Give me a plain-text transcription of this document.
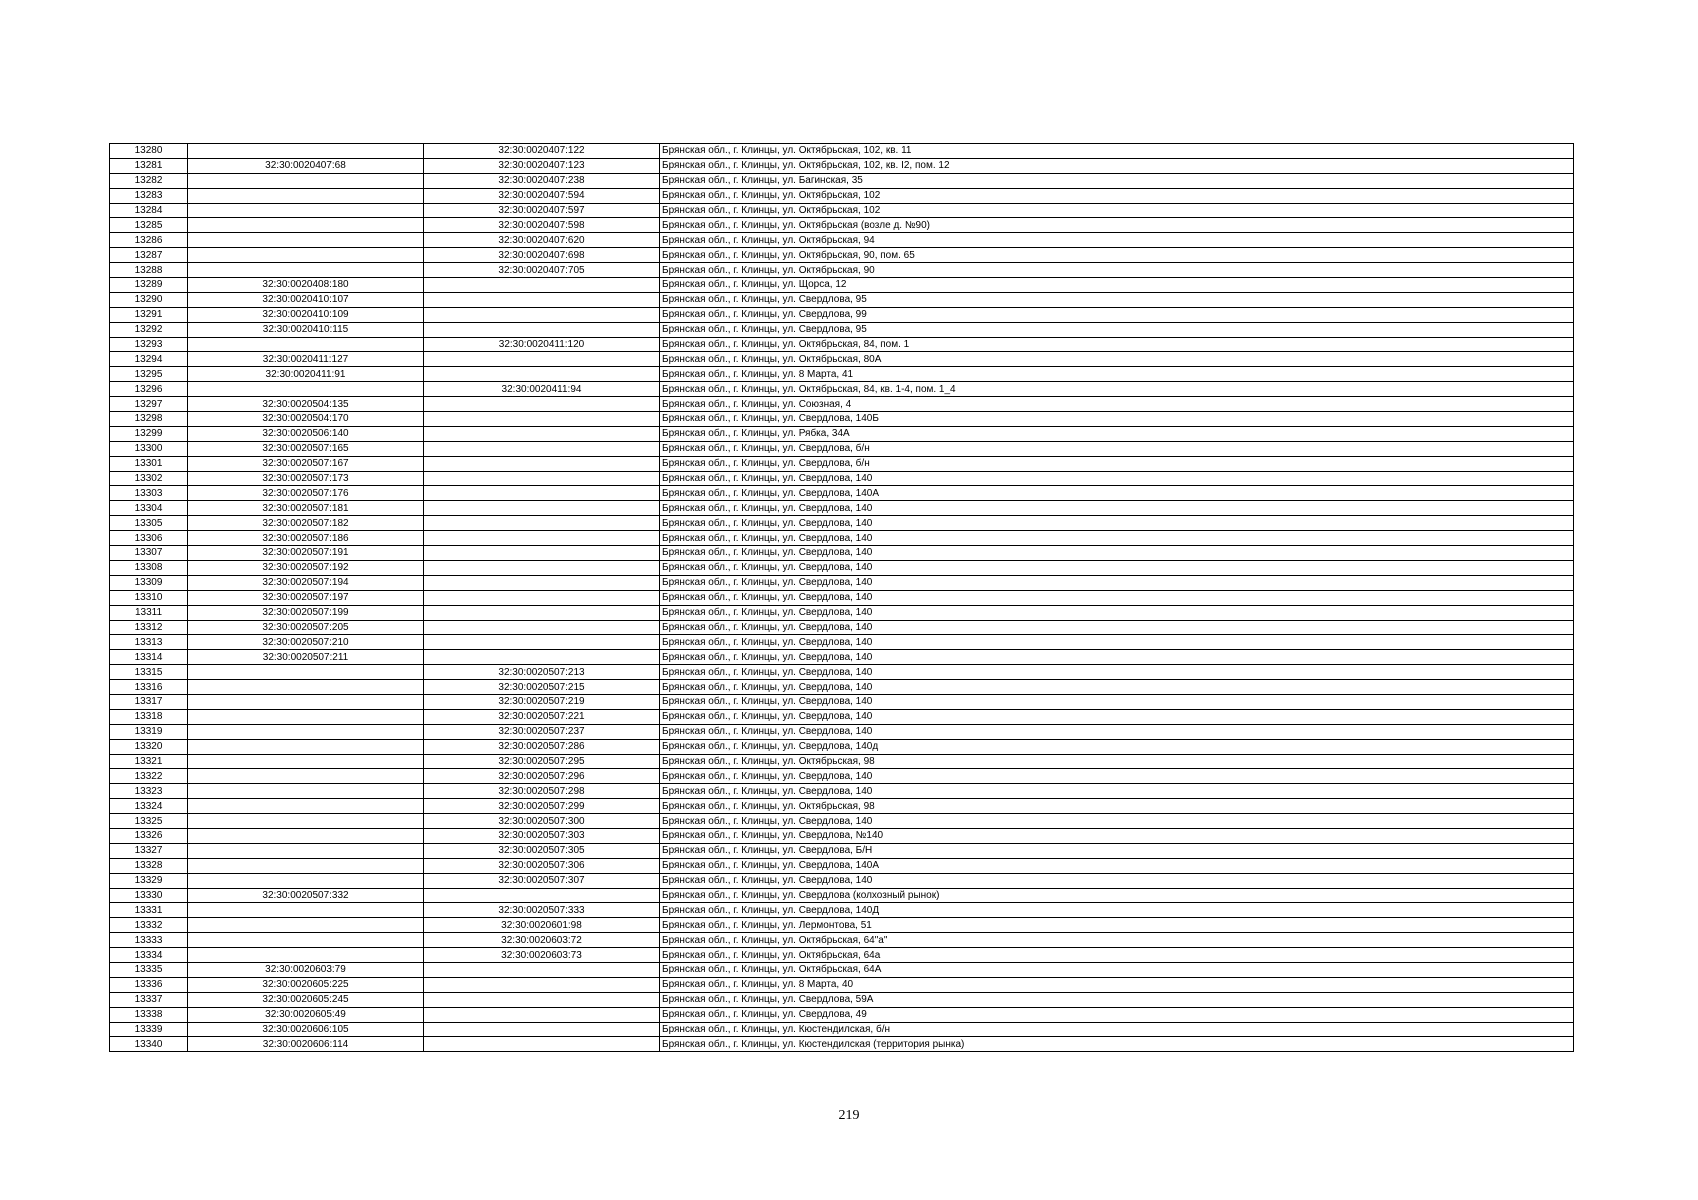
13280		32:30:0020407:122	Брянская обл., г. Клинцы, ул. Октябрьская, 102, кв. 11
13281	32:30:0020407:68	32:30:0020407:123	Брянская обл., г. Клинцы, ул. Октябрьская, 102, кв. I2, пом. 12
13282		32:30:0020407:238	Брянская обл., г. Клинцы, ул. Багинская, 35
13283		32:30:0020407:594	Брянская обл., г. Клинцы, ул. Октябрьская, 102
13284		32:30:0020407:597	Брянская обл., г. Клинцы, ул. Октябрьская, 102
13285		32:30:0020407:598	Брянская обл., г. Клинцы, ул. Октябрьская (возле д. №90)
13286		32:30:0020407:620	Брянская обл., г. Клинцы, ул. Октябрьская, 94
13287		32:30:0020407:698	Брянская обл., г. Клинцы, ул. Октябрьская, 90, пом. 65
13288		32:30:0020407:705	Брянская обл., г. Клинцы, ул. Октябрьская, 90
13289	32:30:0020408:180		Брянская обл., г. Клинцы, ул. Щорса, 12
13290	32:30:0020410:107		Брянская обл., г. Клинцы, ул. Свердлова, 95
13291	32:30:0020410:109		Брянская обл., г. Клинцы, ул. Свердлова, 99
13292	32:30:0020410:115		Брянская обл., г. Клинцы, ул. Свердлова, 95
13293		32:30:0020411:120	Брянская обл., г. Клинцы, ул. Октябрьская, 84, пом. 1
13294	32:30:0020411:127		Брянская обл., г. Клинцы, ул. Октябрьская, 80А
13295	32:30:0020411:91		Брянская обл., г. Клинцы, ул. 8 Марта, 41
13296		32:30:0020411:94	Брянская обл., г. Клинцы, ул. Октябрьская, 84, кв. 1-4, пом. 1_4
13297	32:30:0020504:135		Брянская обл., г. Клинцы, ул. Союзная, 4
13298	32:30:0020504:170		Брянская обл., г. Клинцы, ул. Свердлова, 140Б
13299	32:30:0020506:140		Брянская обл., г. Клинцы, ул. Рябка, 34А
13300	32:30:0020507:165		Брянская обл., г. Клинцы, ул. Свердлова, б/н
13301	32:30:0020507:167		Брянская обл., г. Клинцы, ул. Свердлова, б/н
13302	32:30:0020507:173		Брянская обл., г. Клинцы, ул. Свердлова, 140
13303	32:30:0020507:176		Брянская обл., г. Клинцы, ул. Свердлова, 140А
13304	32:30:0020507:181		Брянская обл., г. Клинцы, ул. Свердлова, 140
13305	32:30:0020507:182		Брянская обл., г. Клинцы, ул. Свердлова, 140
13306	32:30:0020507:186		Брянская обл., г. Клинцы, ул. Свердлова, 140
13307	32:30:0020507:191		Брянская обл., г. Клинцы, ул. Свердлова, 140
13308	32:30:0020507:192		Брянская обл., г. Клинцы, ул. Свердлова, 140
13309	32:30:0020507:194		Брянская обл., г. Клинцы, ул. Свердлова, 140
13310	32:30:0020507:197		Брянская обл., г. Клинцы, ул. Свердлова, 140
13311	32:30:0020507:199		Брянская обл., г. Клинцы, ул. Свердлова, 140
13312	32:30:0020507:205		Брянская обл., г. Клинцы, ул. Свердлова, 140
13313	32:30:0020507:210		Брянская обл., г. Клинцы, ул. Свердлова, 140
13314	32:30:0020507:211		Брянская обл., г. Клинцы, ул. Свердлова, 140
13315		32:30:0020507:213	Брянская обл., г. Клинцы, ул. Свердлова, 140
13316		32:30:0020507:215	Брянская обл., г. Клинцы, ул. Свердлова, 140
13317		32:30:0020507:219	Брянская обл., г. Клинцы, ул. Свердлова, 140
13318		32:30:0020507:221	Брянская обл., г. Клинцы, ул. Свердлова, 140
13319		32:30:0020507:237	Брянская обл., г. Клинцы, ул. Свердлова, 140
13320		32:30:0020507:286	Брянская обл., г. Клинцы, ул. Свердлова, 140д
13321		32:30:0020507:295	Брянская обл., г. Клинцы, ул. Октябрьская, 98
13322		32:30:0020507:296	Брянская обл., г. Клинцы, ул. Свердлова, 140
13323		32:30:0020507:298	Брянская обл., г. Клинцы, ул. Свердлова, 140
13324		32:30:0020507:299	Брянская обл., г. Клинцы, ул. Октябрьская, 98
13325		32:30:0020507:300	Брянская обл., г. Клинцы, ул. Свердлова, 140
13326		32:30:0020507:303	Брянская обл., г. Клинцы, ул. Свердлова, №140
13327		32:30:0020507:305	Брянская обл., г. Клинцы, ул. Свердлова, Б/Н
13328		32:30:0020507:306	Брянская обл., г. Клинцы, ул. Свердлова, 140А
13329		32:30:0020507:307	Брянская обл., г. Клинцы, ул. Свердлова, 140
13330	32:30:0020507:332		Брянская обл., г. Клинцы, ул. Свердлова (колхозный рынок)
13331		32:30:0020507:333	Брянская обл., г. Клинцы, ул. Свердлова, 140Д
13332		32:30:0020601:98	Брянская обл., г. Клинцы, ул. Лермонтова, 51
13333		32:30:0020603:72	Брянская обл., г. Клинцы, ул. Октябрьская, 64"а"
13334		32:30:0020603:73	Брянская обл., г. Клинцы, ул. Октябрьская, 64а
13335	32:30:0020603:79		Брянская обл., г. Клинцы, ул. Октябрьская, 64А
13336	32:30:0020605:225		Брянская обл., г. Клинцы, ул. 8 Марта, 40
13337	32:30:0020605:245		Брянская обл., г. Клинцы, ул. Свердлова, 59А
13338	32:30:0020605:49		Брянская обл., г. Клинцы, ул. Свердлова, 49
13339	32:30:0020606:105		Брянская обл., г. Клинцы, ул. Кюстендилская, б/н
13340	32:30:0020606:114		Брянская обл., г. Клинцы, ул. Кюстендилская (территория рынка)
219
